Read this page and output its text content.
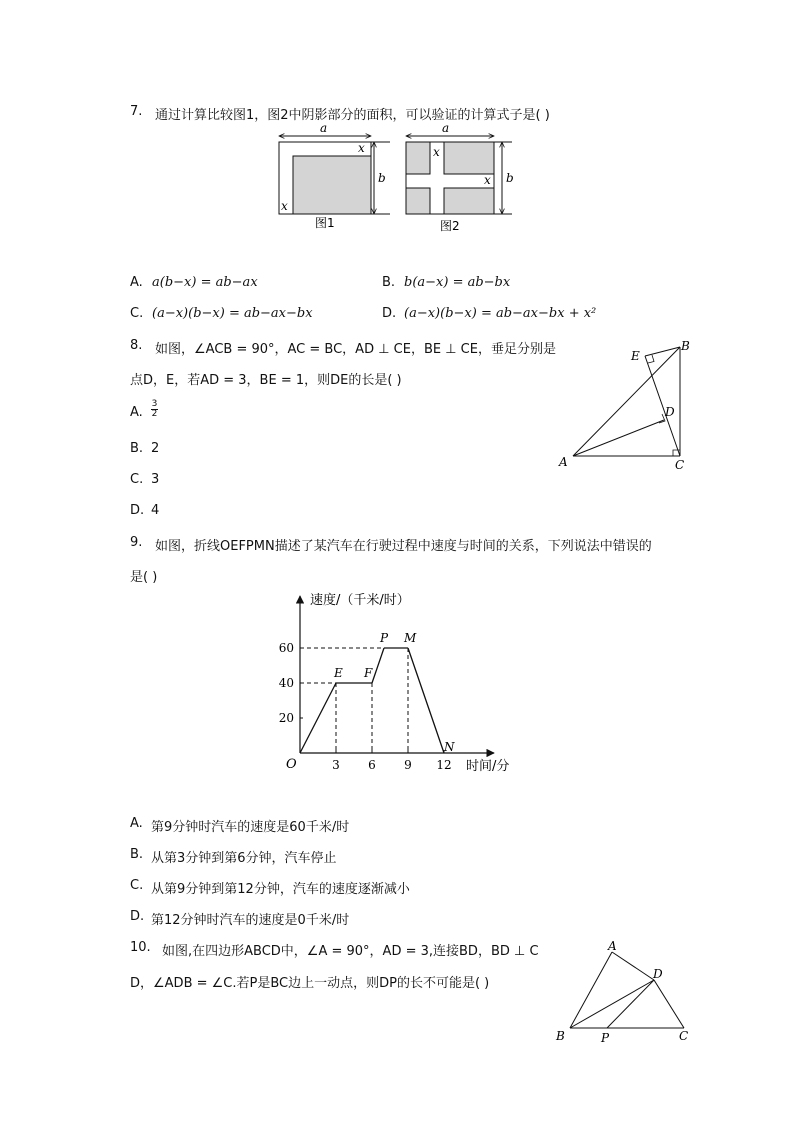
7. 通过计算比较图1，图2中阴影部分的面积，可以验证的计算式子是( )
a
b
x
x
图1
a
b
x
x
图2
A. a(b−x) = ab−ax	B. b(a−x) = ab−bx
C. (a−x)(b−x) = ab−ax−bx	D. (a−x)(b−x) = ab−ax−bx + x²
8. 如图，∠ACB = 90°，AC = BC，AD ⊥ CE，BE ⊥ CE，垂足分别是
点D，E，若AD = 3，BE = 1，则DE的长是( )
A
B
C
D
E
A. $\frac{3}{2}$
B. 2
C. 3
D. 4
9. 如图，折线OEFPMN描述了某汽车在行驶过程中速度与时间的关系，下列说法中错误的
是( )
速度/（千米/时）
时间/分
O	3 6 9 12
20
40
60
E F
P M
N
A. 第9分钟时汽车的速度是60千米/时
B. 从第3分钟到第6分钟，汽车停止
C. 从第9分钟到第12分钟，汽车的速度逐渐减小
D. 第12分钟时汽车的速度是0千米/时
10. 如图,在四边形ABCD中，∠A = 90°，AD = 3,连接BD，BD ⊥ C
D，∠ADB = ∠C.若P是BC边上一动点，则DP的长不可能是( )
A
B	C
D
P
